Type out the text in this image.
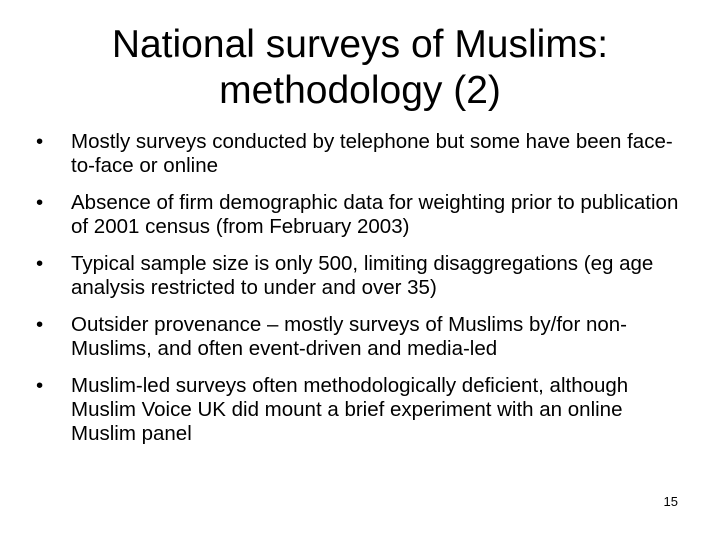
National surveys of Muslims:
methodology (2)
•	Mostly surveys conducted by telephone but some have been face-to-face or online
•	Absence of firm demographic data for weighting prior to publication of 2001 census (from February 2003)
•	Typical sample size is only 500, limiting disaggregations (eg age analysis restricted to under and over 35)
•	Outsider provenance – mostly surveys of Muslims by/for non-Muslims, and often event-driven and media-led
•	Muslim-led surveys often methodologically deficient, although Muslim Voice UK did mount a brief experiment with an online Muslim panel
15
